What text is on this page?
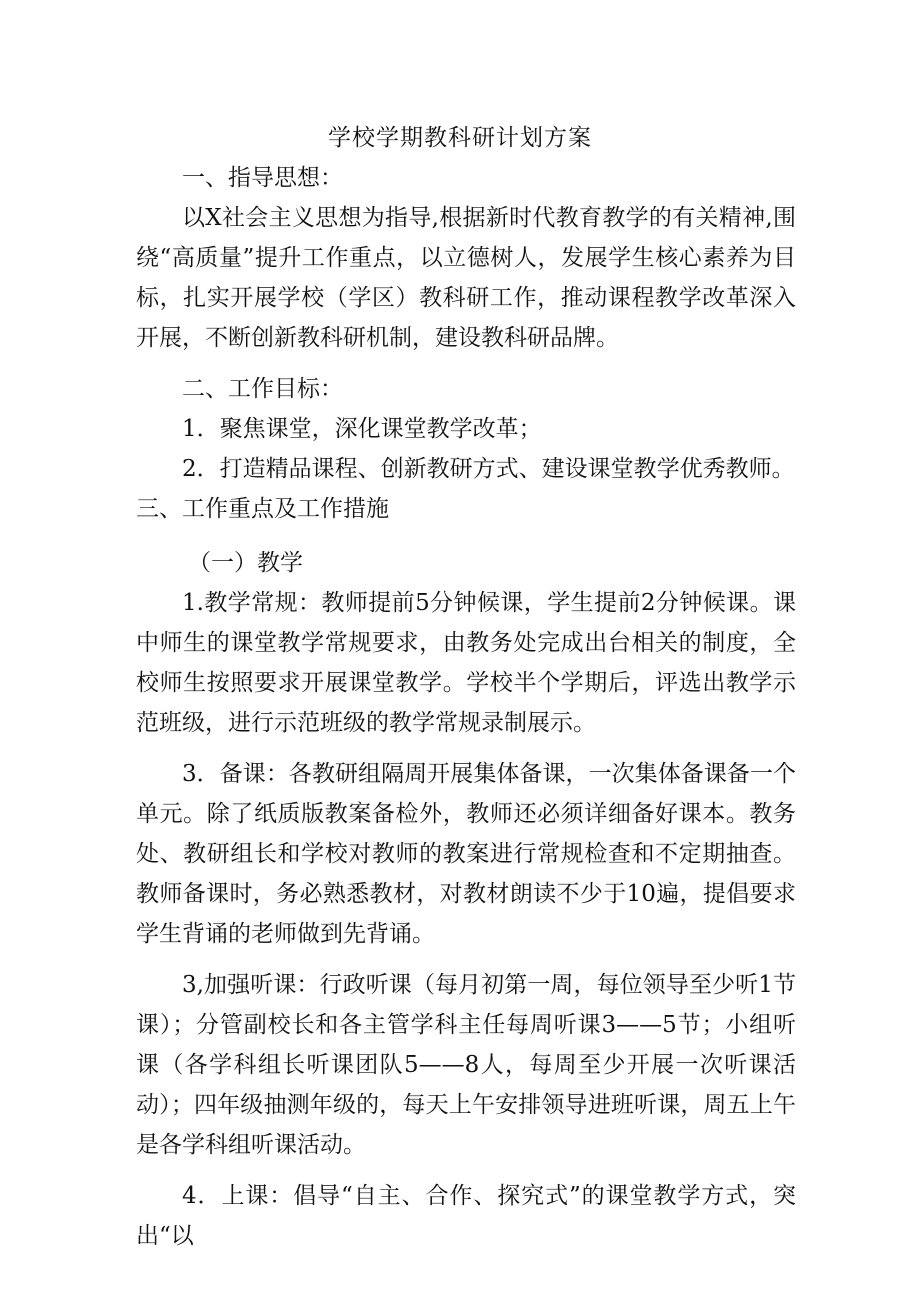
学校学期教科研计划方案

一、指导思想：

以X社会主义思想为指导,根据新时代教育教学的有关精神,围绕“高质量”提升工作重点，以立德树人，发展学生核心素养为目标，扎实开展学校（学区）教科研工作，推动课程教学改革深入开展，不断创新教科研机制，建设教科研品牌。

二、工作目标：

1．聚焦课堂，深化课堂教学改革；

2．打造精品课程、创新教研方式、建设课堂教学优秀教师。三、工作重点及工作措施

（一）教学

1.教学常规：教师提前5分钟候课，学生提前2分钟候课。课中师生的课堂教学常规要求，由教务处完成出台相关的制度，全校师生按照要求开展课堂教学。学校半个学期后，评选出教学示范班级，进行示范班级的教学常规录制展示。

3．备课：各教研组隔周开展集体备课，一次集体备课备一个单元。除了纸质版教案备检外，教师还必须详细备好课本。教务处、教研组长和学校对教师的教案进行常规检查和不定期抽查。教师备课时，务必熟悉教材，对教材朗读不少于10遍，提倡要求学生背诵的老师做到先背诵。

3,加强听课：行政听课（每月初第一周，每位领导至少听1节课）；分管副校长和各主管学科主任每周听课3——5节；小组听课（各学科组长听课团队5——8人，每周至少开展一次听课活动）；四年级抽测年级的，每天上午安排领导进班听课，周五上午是各学科组听课活动。

4．上课：倡导“自主、合作、探究式”的课堂教学方式，突出“以
